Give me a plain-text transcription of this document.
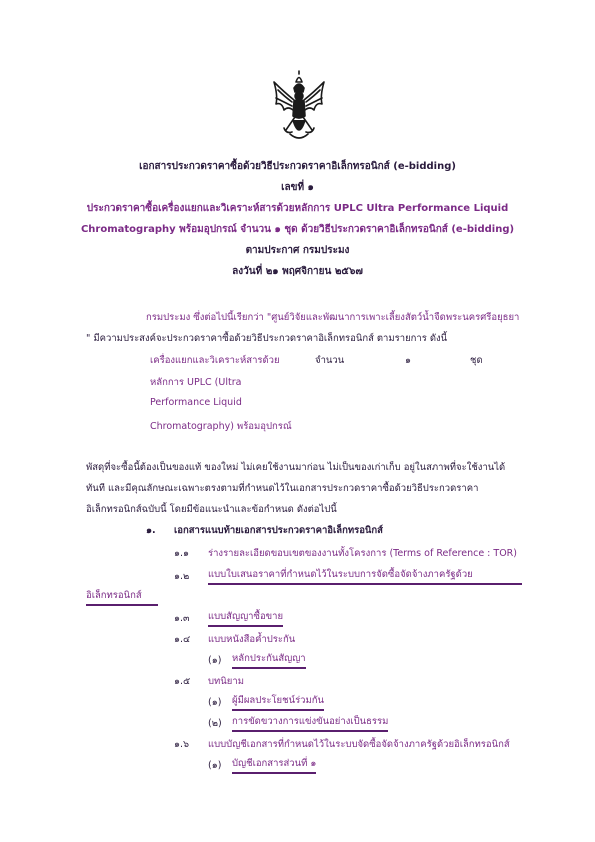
เอกสารประกวดราคาซื้อด้วยวิธีประกวดราคาอิเล็กทรอนิกส์ (e-bidding)
เลขที่ ๑
ประกวดราคาซื้อเครื่องแยกและวิเคราะห์สารด้วยหลักการ UPLC Ultra Performance Liquid
Chromatography พร้อมอุปกรณ์ จำนวน ๑ ชุด ด้วยวิธีประกวดราคาอิเล็กทรอนิกส์ (e-bidding)
ตามประกาศ กรมประมง
ลงวันที่ ๒๑ พฤศจิกายน ๒๕๖๗
กรมประมง ซึ่งต่อไปนี้เรียกว่า "ศูนย์วิจัยและพัฒนาการเพาะเลี้ยงสัตว์น้ำจืดพระนครศรีอยุธยา
" มีความประสงค์จะประกวดราคาซื้อด้วยวิธีประกวดราคาอิเล็กทรอนิกส์ ตามรายการ ดังนี้
เครื่องแยกและวิเคราะห์สารด้วย
หลักการ UPLC (Ultra
Performance Liquid
Chromatography) พร้อมอุปกรณ์
จำนวน	๑	ชุด
พัสดุที่จะซื้อนี้ต้องเป็นของแท้ ของใหม่ ไม่เคยใช้งานมาก่อน ไม่เป็นของเก่าเก็บ อยู่ในสภาพที่จะใช้งานได้
ทันที และมีคุณลักษณะเฉพาะตรงตามที่กำหนดไว้ในเอกสารประกวดราคาซื้อด้วยวิธีประกวดราคา
อิเล็กทรอนิกส์ฉบับนี้ โดยมีข้อแนะนำและข้อกำหนด ดังต่อไปนี้
๑. เอกสารแนบท้ายเอกสารประกวดราคาอิเล็กทรอนิกส์
๑.๑ ร่างรายละเอียดขอบเขตของงานทั้งโครงการ (Terms of Reference : TOR)
๑.๒ แบบใบเสนอราคาที่กำหนดไว้ในระบบการจัดซื้อจัดจ้างภาครัฐด้วย
อิเล็กทรอนิกส์
๑.๓ แบบสัญญาซื้อขาย
๑.๔ แบบหนังสือค้ำประกัน
(๑) หลักประกันสัญญา
๑.๕ บทนิยาม
(๑) ผู้มีผลประโยชน์ร่วมกัน
(๒) การขัดขวางการแข่งขันอย่างเป็นธรรม
๑.๖ แบบบัญชีเอกสารที่กำหนดไว้ในระบบจัดซื้อจัดจ้างภาครัฐด้วยอิเล็กทรอนิกส์
(๑) บัญชีเอกสารส่วนที่ ๑
